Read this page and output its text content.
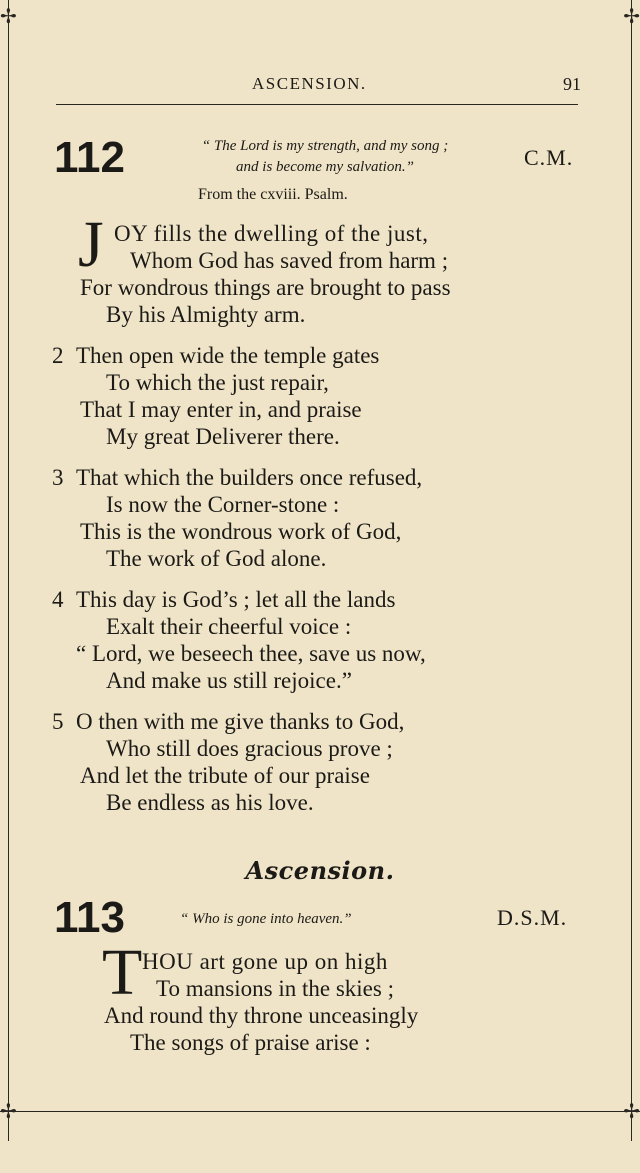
✢	✢
✢	✢
ASCENSION.	91
112	“ The Lord is my strength, and my song ;
and is become my salvation.”	C.M.
From the cxviii. Psalm.
J OY fills the dwelling of the just,
Whom God has saved from harm ;
For wondrous things are brought to pass
By his Almighty arm.
2 Then open wide the temple gates
To which the just repair,
That I may enter in, and praise
My great Deliverer there.
3 That which the builders once refused,
Is now the Corner-stone :
This is the wondrous work of God,
The work of God alone.
4 This day is God’s ; let all the lands
Exalt their cheerful voice :
“ Lord, we beseech thee, save us now,
And make us still rejoice.”
5 O then with me give thanks to God,
Who still does gracious prove ;
And let the tribute of our praise
Be endless as his love.
Ascension.
113	“ Who is gone into heaven.”	D.S.M.
T HOU art gone up on high
To mansions in the skies ;
And round thy throne unceasingly
The songs of praise arise :
